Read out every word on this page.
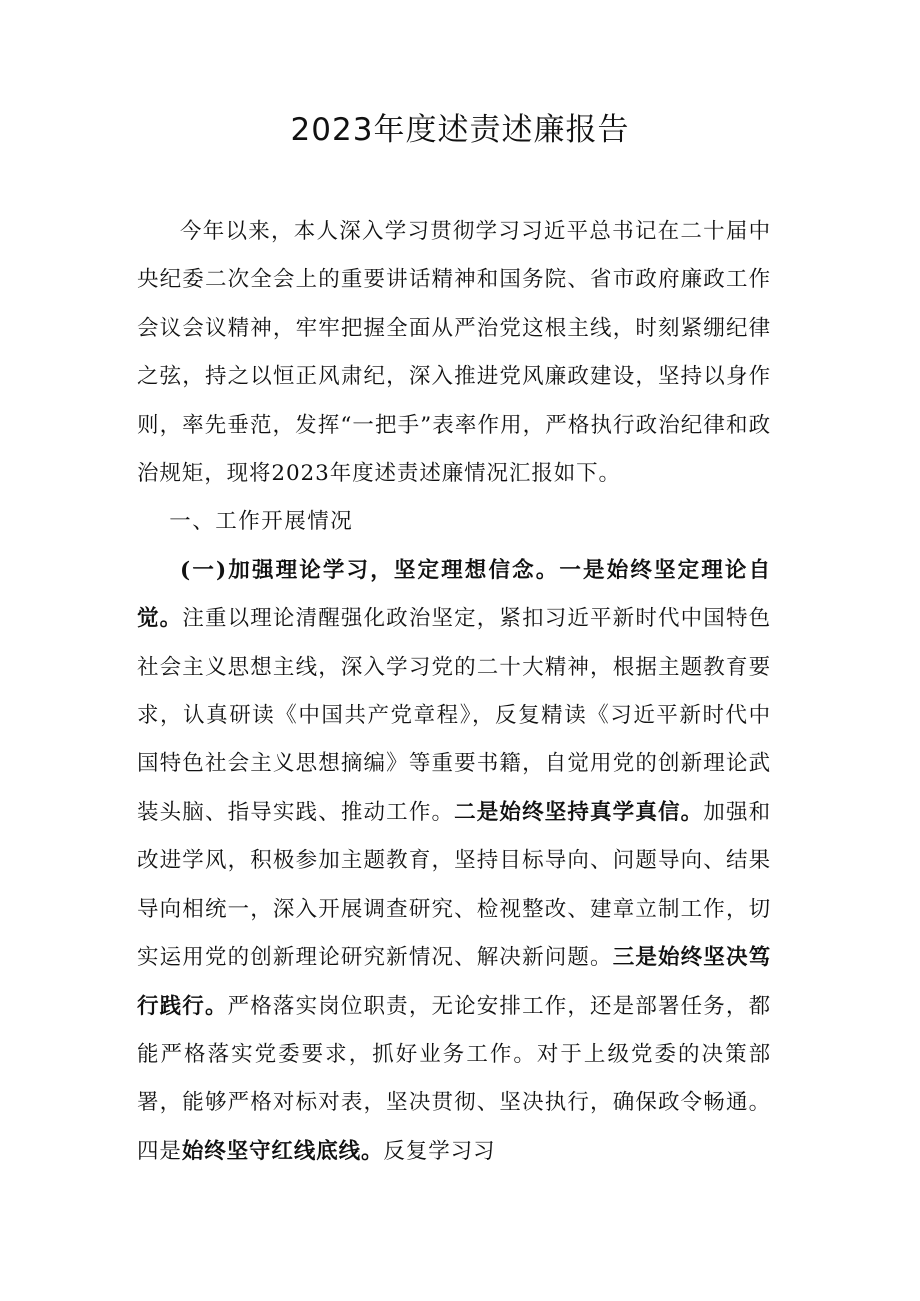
2023年度述责述廉报告

今年以来，本人深入学习贯彻学习习近平总书记在二十届中央纪委二次全会上的重要讲话精神和国务院、省市政府廉政工作会议会议精神，牢牢把握全面从严治党这根主线，时刻紧绷纪律之弦，持之以恒正风肃纪，深入推进党风廉政建设，坚持以身作则，率先垂范，发挥“一把手”表率作用，严格执行政治纪律和政治规矩，现将2023年度述责述廉情况汇报如下。

一、工作开展情况

(一)加强理论学习，坚定理想信念。一是始终坚定理论自觉。注重以理论清醒强化政治坚定，紧扣习近平新时代中国特色社会主义思想主线，深入学习党的二十大精神，根据主题教育要求，认真研读《中国共产党章程》，反复精读《习近平新时代中国特色社会主义思想摘编》等重要书籍，自觉用党的创新理论武装头脑、指导实践、推动工作。二是始终坚持真学真信。加强和改进学风，积极参加主题教育，坚持目标导向、问题导向、结果导向相统一，深入开展调查研究、检视整改、建章立制工作，切实运用党的创新理论研究新情况、解决新问题。三是始终坚决笃行践行。严格落实岗位职责，无论安排工作，还是部署任务，都能严格落实党委要求，抓好业务工作。对于上级党委的决策部署，能够严格对标对表，坚决贯彻、坚决执行，确保政令畅通。四是始终坚守红线底线。反复学习习
